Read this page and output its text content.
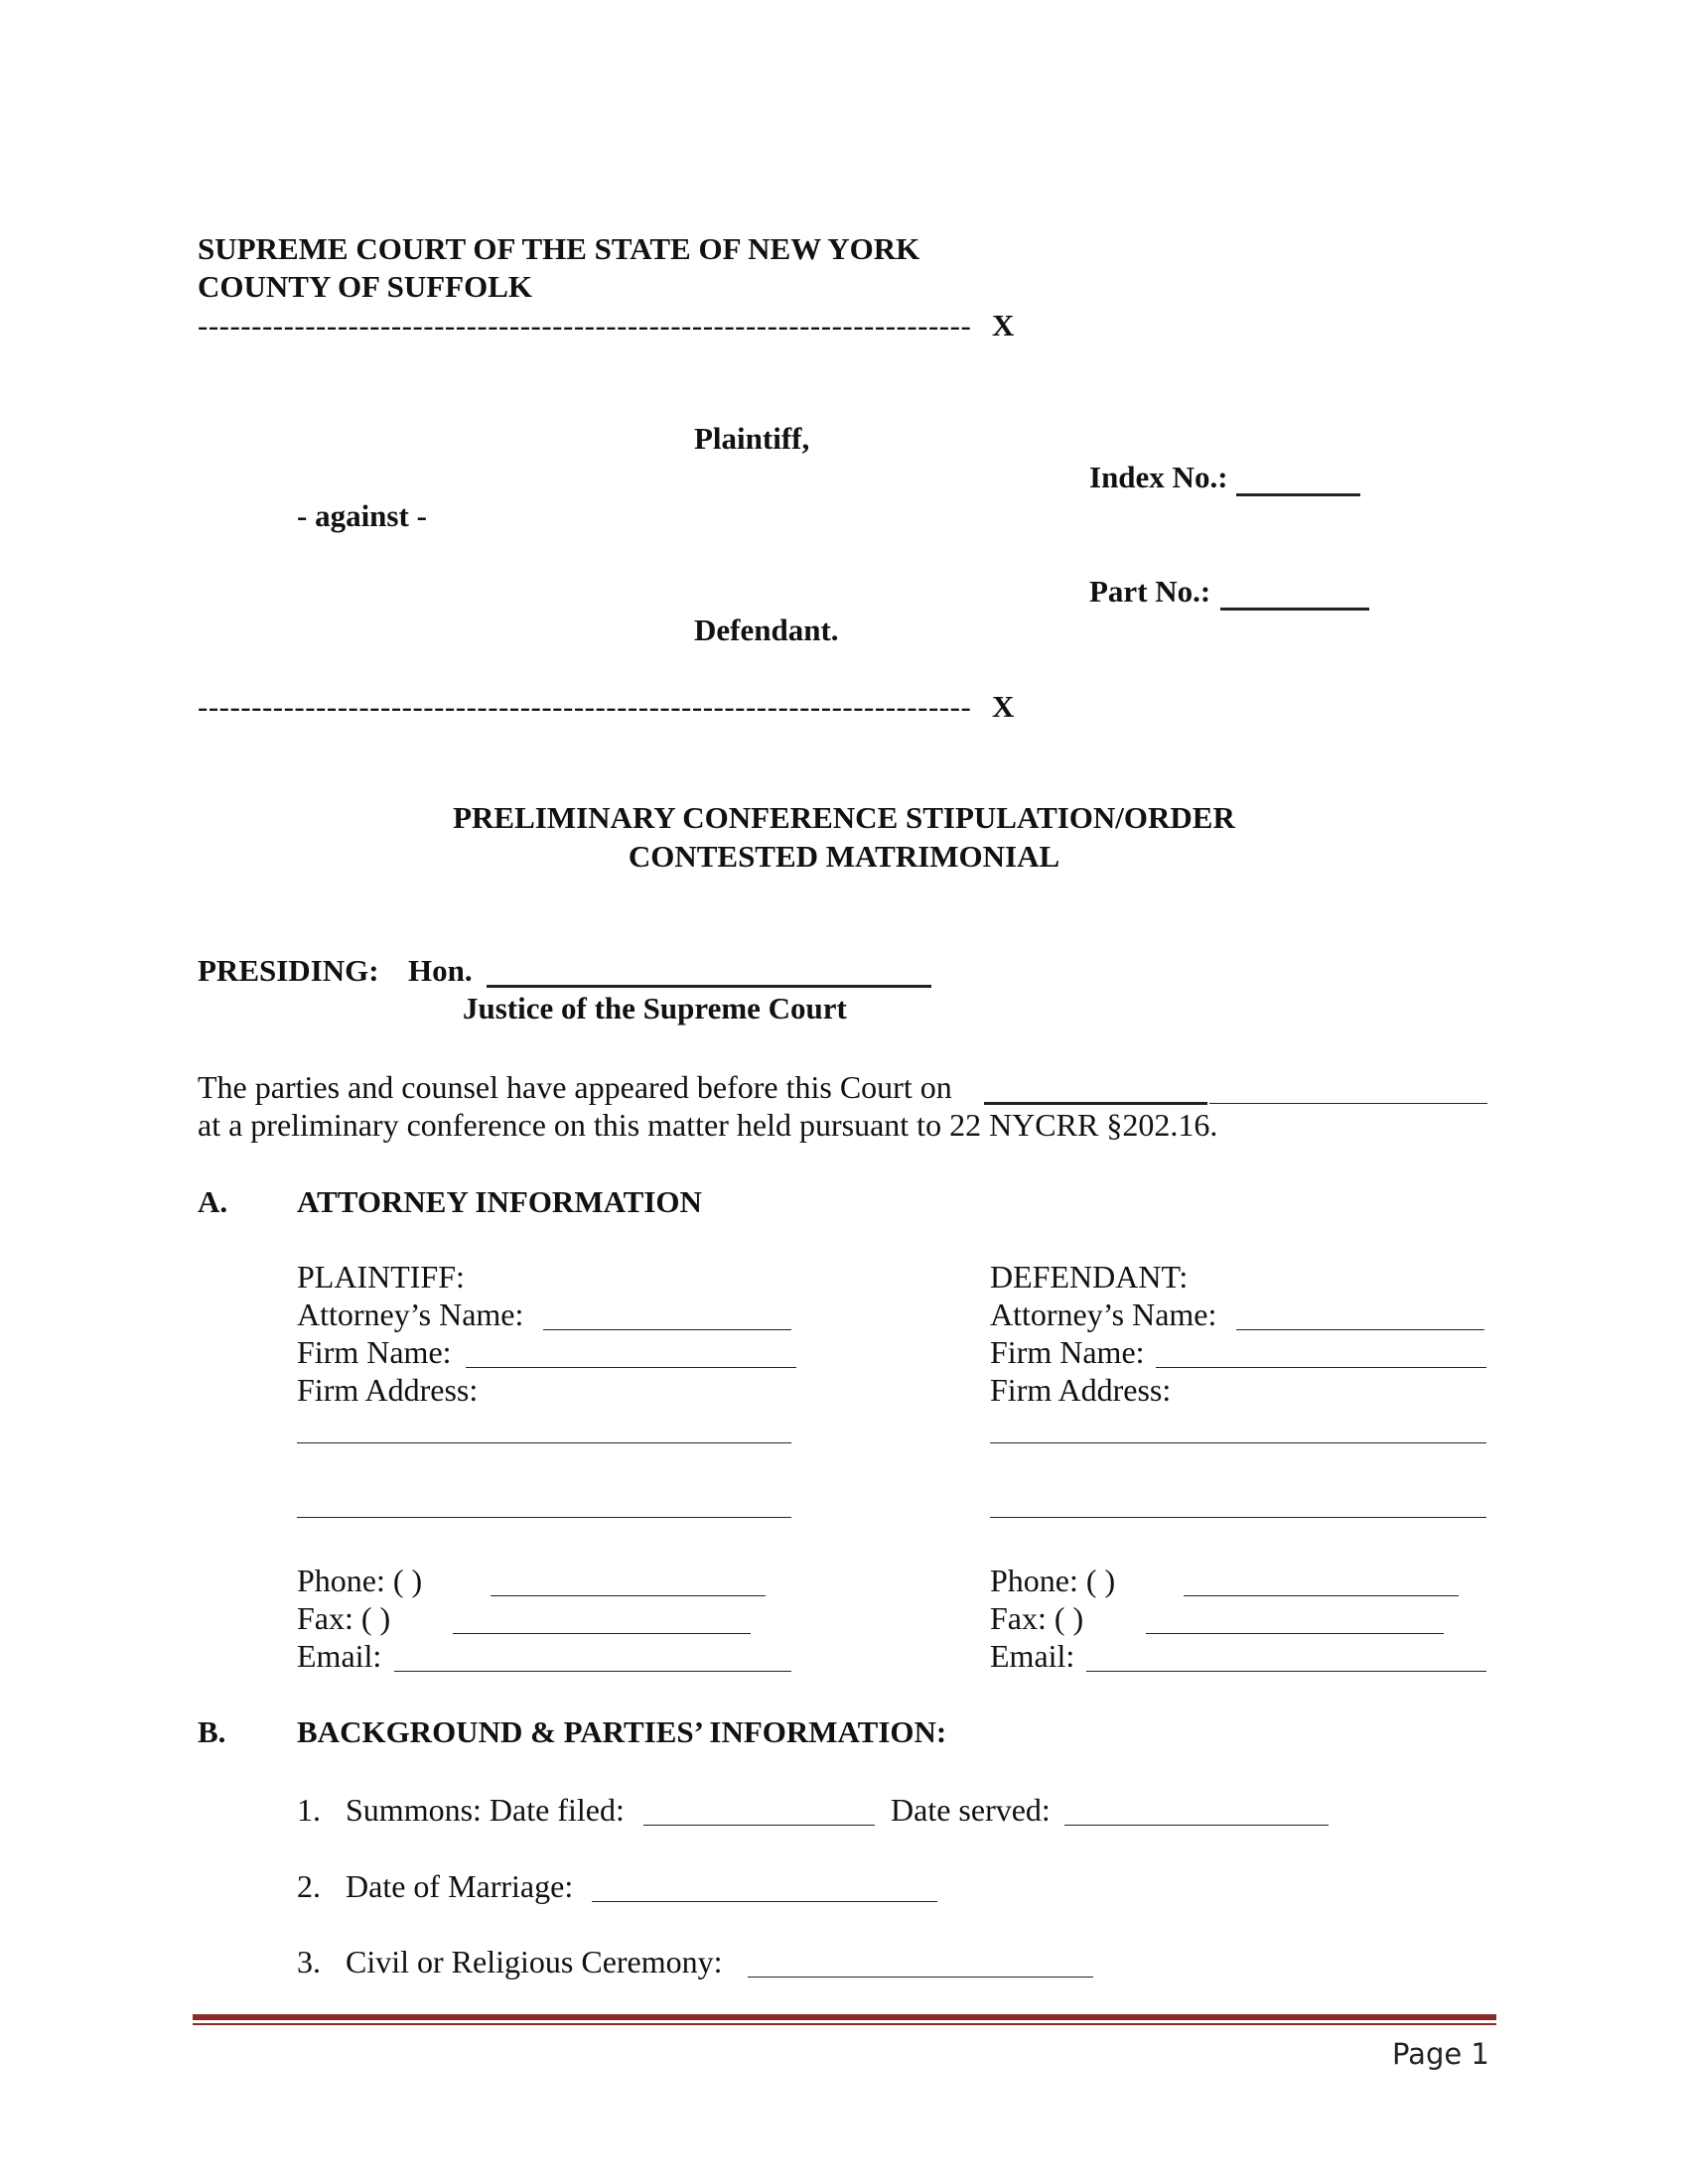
SUPREME COURT OF THE STATE OF NEW YORK
COUNTY OF SUFFOLK
------------------------------------------------------------------------ X
Plaintiff,
Index No.:
- against -
Part No.:
Defendant.
------------------------------------------------------------------------ X
PRELIMINARY CONFERENCE STIPULATION/ORDER
CONTESTED MATRIMONIAL
PRESIDING: Hon.
Justice of the Supreme Court
The parties and counsel have appeared before this Court on
at a preliminary conference on this matter held pursuant to 22 NYCRR §202.16.
A. ATTORNEY INFORMATION
PLAINTIFF:
Attorney’s Name:
Firm Name:
Firm Address:
Phone: ( )
Fax: ( )
Email:
DEFENDANT:
Attorney’s Name:
Firm Name:
Firm Address:
Phone: ( )
Fax: ( )
Email:
B. BACKGROUND & PARTIES’ INFORMATION:
1. Summons: Date filed:	Date served:
2. Date of Marriage:
3. Civil or Religious Ceremony:
Page 1
